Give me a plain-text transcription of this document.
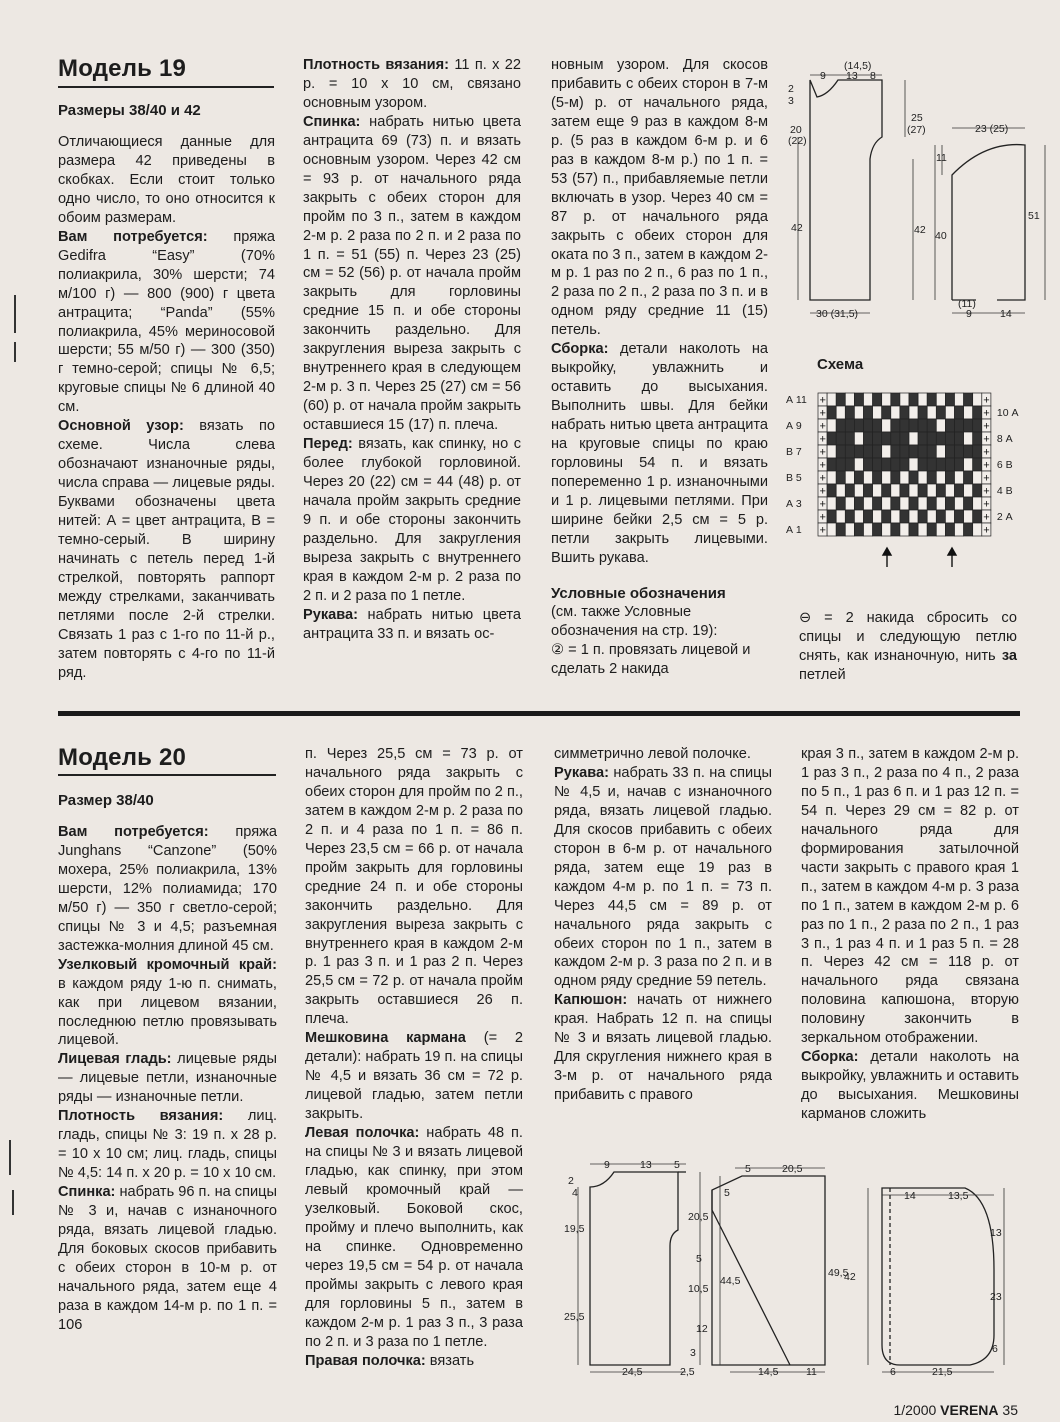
Модель 19
Размеры 38/40 и 42

Отличающиеся данные для размера 42 приведены в скобках. Если стоит только одно число, то оно относится к обоим размерам.

Вам потребуется: пряжа Gedifra “Easy” (70% полиакрила, 30% шерсти; 74 м/100 г) — 800 (900) г цвета антрацита; “Panda” (55% полиакрила, 45% мериносовой шерсти; 55 м/50 г) — 300 (350) г темно-серой; спицы № 6,5; круговые спицы № 6 длиной 40 см.

Основной узор: вязать по схеме. Числа слева обозначают изнаночные ряды, числа справа — лицевые ряды. Буквами обозначены цвета нитей: А = цвет антрацита, В = темно-серый. В ширину начинать с петель перед 1-й стрелкой, повторять раппорт между стрелками, заканчивать петлями после 2-й стрелки. Связать 1 раз с 1-го по 11-й р., затем повторять с 4-го по 11-й ряд.

Плотность вязания: 11 п. х 22 р. = 10 х 10 см, связано основным узором.

Спинка: набрать нитью цвета антрацита 69 (73) п. и вязать основным узором. Через 42 см = 93 р. от начального ряда закрыть с обеих сторон для пройм по 3 п., затем в каждом 2-м р. 2 раза по 2 п. и 2 раза по 1 п. = 51 (55) п. Через 23 (25) см = 52 (56) р. от начала пройм закрыть для горловины средние 15 п. и обе стороны закончить раздельно. Для закругления выреза закрыть с внутреннего края в следующем 2-м р. 3 п. Через 25 (27) см = 56 (60) р. от начала пройм закрыть оставшиеся 15 (17) п. плеча.

Перед: вязать, как спинку, но с более глубокой горловиной. Через 20 (22) см = 44 (48) р. от начала пройм закрыть средние 9 п. и обе стороны закончить раздельно. Для закругления выреза закрыть с внутреннего края в каждом 2-м р. 2 раза по 2 п. и 2 раза по 1 петле.

Рукава: набрать нитью цвета антрацита 33 п. и вязать ос-

новным узором. Для скосов прибавить с обеих сторон в 7-м (5-м) р. от начального ряда, затем еще 9 раз в каждом 8-м р. (5 раз в каждом 6-м р. и 6 раз в каждом 8-м р.) по 1 п. = 53 (57) п., прибавляемые петли включать в узор. Через 40 см = 87 р. от начального ряда закрыть с обеих сторон для оката по 3 п., затем в каждом 2-м р. 1 раз по 2 п., 6 раз по 1 п., 2 раза по 2 п., 2 раза по 3 п. и в одном ряду средние 11 (15) петель.

Сборка: детали наколоть на выкройку, увлажнить и оставить до высыхания. Выполнить швы. Для бейки набрать нитью цвета антрацита на круговые спицы по краю горловины 54 п. и вязать попеременно 1 р. изнаночными и 1 р. лицевыми петлями. При ширине бейки 2,5 см = 5 р. петли закрыть лицевыми. Вшить рукава.

Условные обозначения
(см. также Условные обозначения на стр. 19):
② = 1 п. провязать лицевой и сделать 2 накида
(14,5)
9 13 8
2
3
25
(27)
20
(22)
42
11
42 40
23 (25)
51
(11)
9	14
30 (31,5)
Схема
+	+
+	+
+	+
+	+
+	+
+	+
+	+
+	+
+	+
+	+
+	+
А 11
А 9
В 7
В 5
А 3
А 1
10 А
8 А
6 В
4 В
2 А
⊖ = 2 накида сбросить со спицы и следующую петлю снять, как изнаночную, нить за петлей
Модель 20
Размер 38/40

Вам потребуется: пряжа Junghans “Canzone” (50% мохера, 25% полиакрила, 13% шерсти, 12% полиамида; 170 м/50 г) — 350 г светло-серой; спицы № 3 и 4,5; разъемная застежка-молния длиной 45 см.

Узелковый кромочный край: в каждом ряду 1-ю п. снимать, как при лицевом вязании, последнюю петлю провязывать лицевой.

Лицевая гладь: лицевые ряды — лицевые петли, изнаночные ряды — изнаночные петли.

Плотность вязания: лиц. гладь, спицы № 3: 19 п. х 28 р. = 10 х 10 см; лиц. гладь, спицы № 4,5: 14 п. х 20 р. = 10 х 10 см.

Спинка: набрать 96 п. на спицы № 3 и, начав с изнаночного ряда, вязать лицевой гладью. Для боковых скосов прибавить с обеих сторон в 10-м р. от начального ряда, затем еще 4 раза в каждом 14-м р. по 1 п. = 106

п. Через 25,5 см = 73 р. от начального ряда закрыть с обеих сторон для пройм по 2 п., затем в каждом 2-м р. 2 раза по 2 п. и 4 раза по 1 п. = 86 п. Через 23,5 см = 66 р. от начала пройм закрыть для горловины средние 24 п. и обе стороны закончить раздельно. Для закругления выреза закрыть с внутреннего края в каждом 2-м р. 1 раз 3 п. и 1 раз 2 п. Через 25,5 см = 72 р. от начала пройм закрыть оставшиеся 26 п. плеча.

Мешковина кармана (= 2 детали): набрать 19 п. на спицы № 4,5 и вязать 36 см = 72 р. лицевой гладью, затем петли закрыть.

Левая полочка: набрать 48 п. на спицы № 3 и вязать лицевой гладью, как спинку, при этом левый кромочный край — узелковый. Боковой скос, пройму и плечо выполнить, как на спинке. Одновременно через 19,5 см = 54 р. от начала проймы закрыть с левого края для горловины 5 п., затем в каждом 2-м р. 1 раз 3 п., 3 раза по 2 п. и 3 раза по 1 петле.

Правая полочка: вязать

симметрично левой полочке.

Рукава: набрать 33 п. на спицы № 4,5 и, начав с изнаночного ряда, вязать лицевой гладью. Для скосов прибавить с обеих сторон в 6-м р. от начального ряда, затем еще 19 раз в каждом 4-м р. по 1 п. = 73 п. Через 44,5 см = 89 р. от начального ряда закрыть с обеих сторон по 1 п., затем в каждом 2-м р. 3 раза по 2 п. и в одном ряду средние 59 петель.

Капюшон: начать от нижнего края. Набрать 12 п. на спицы № 3 и вязать лицевой гладью. Для скругления нижнего края в 3-м р. от начального ряда прибавить с правого

края 3 п., затем в каждом 2-м р. 1 раз 3 п., 2 раза по 4 п., 2 раза по 5 п., 1 раз 6 п. и 1 раз 12 п. = 54 п. Через 29 см = 82 р. от начального ряда для формирования затылочной части закрыть с правого края 1 п., затем в каждом 4-м р. 3 раза по 1 п., затем в каждом 2-м р. 6 раз по 1 п., 2 раза по 2 п., 1 раз 3 п., 1 раз 4 п. и 1 раз 5 п. = 28 п. Через 42 см = 118 р. от начального ряда связана половина капюшона, вторую половину закончить в зеркальном отображении.

Сборка: детали наколоть на выкройку, увлажнить и оставить до высыхания. Мешковины карманов сложить

9	13 5
2
4
19,5
20,5
5
10,5
25,5
12
3
24,5	2,5
5	20,5
5
44,5
49,5
14,5	11
14	13,5
42
13
23
6
6	21,5
1/2000 VERENA 35
